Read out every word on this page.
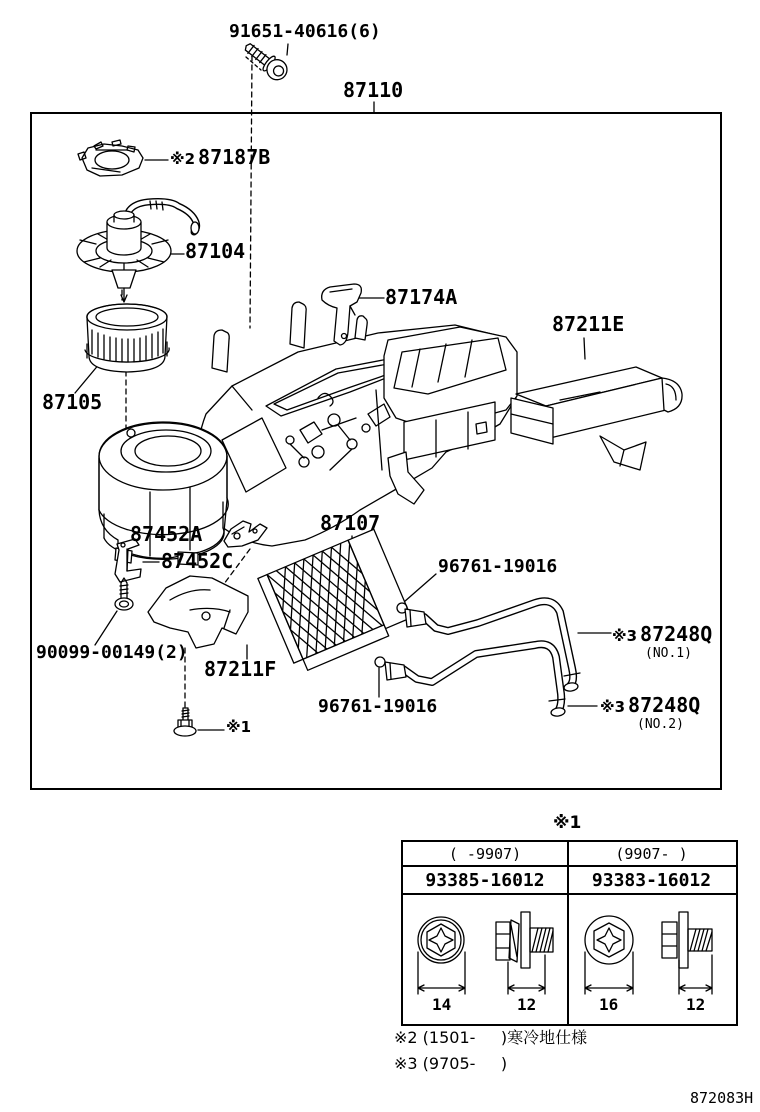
91651-40616(6)
87110
※2 87187B
87104
87174A
87211E
87105
87107
87452A
87452C	96761-19016
90099-00149(2)
87211F
96761-19016
※3 87248Q
(NO.1)
※3 87248Q
(NO.2)
※1
※1
( -9907)	(9907- )
93385-16012	93383-16012
14	12	16	12
※2 (1501-     )寒冷地仕様
※3 (9705-     )
872083H
